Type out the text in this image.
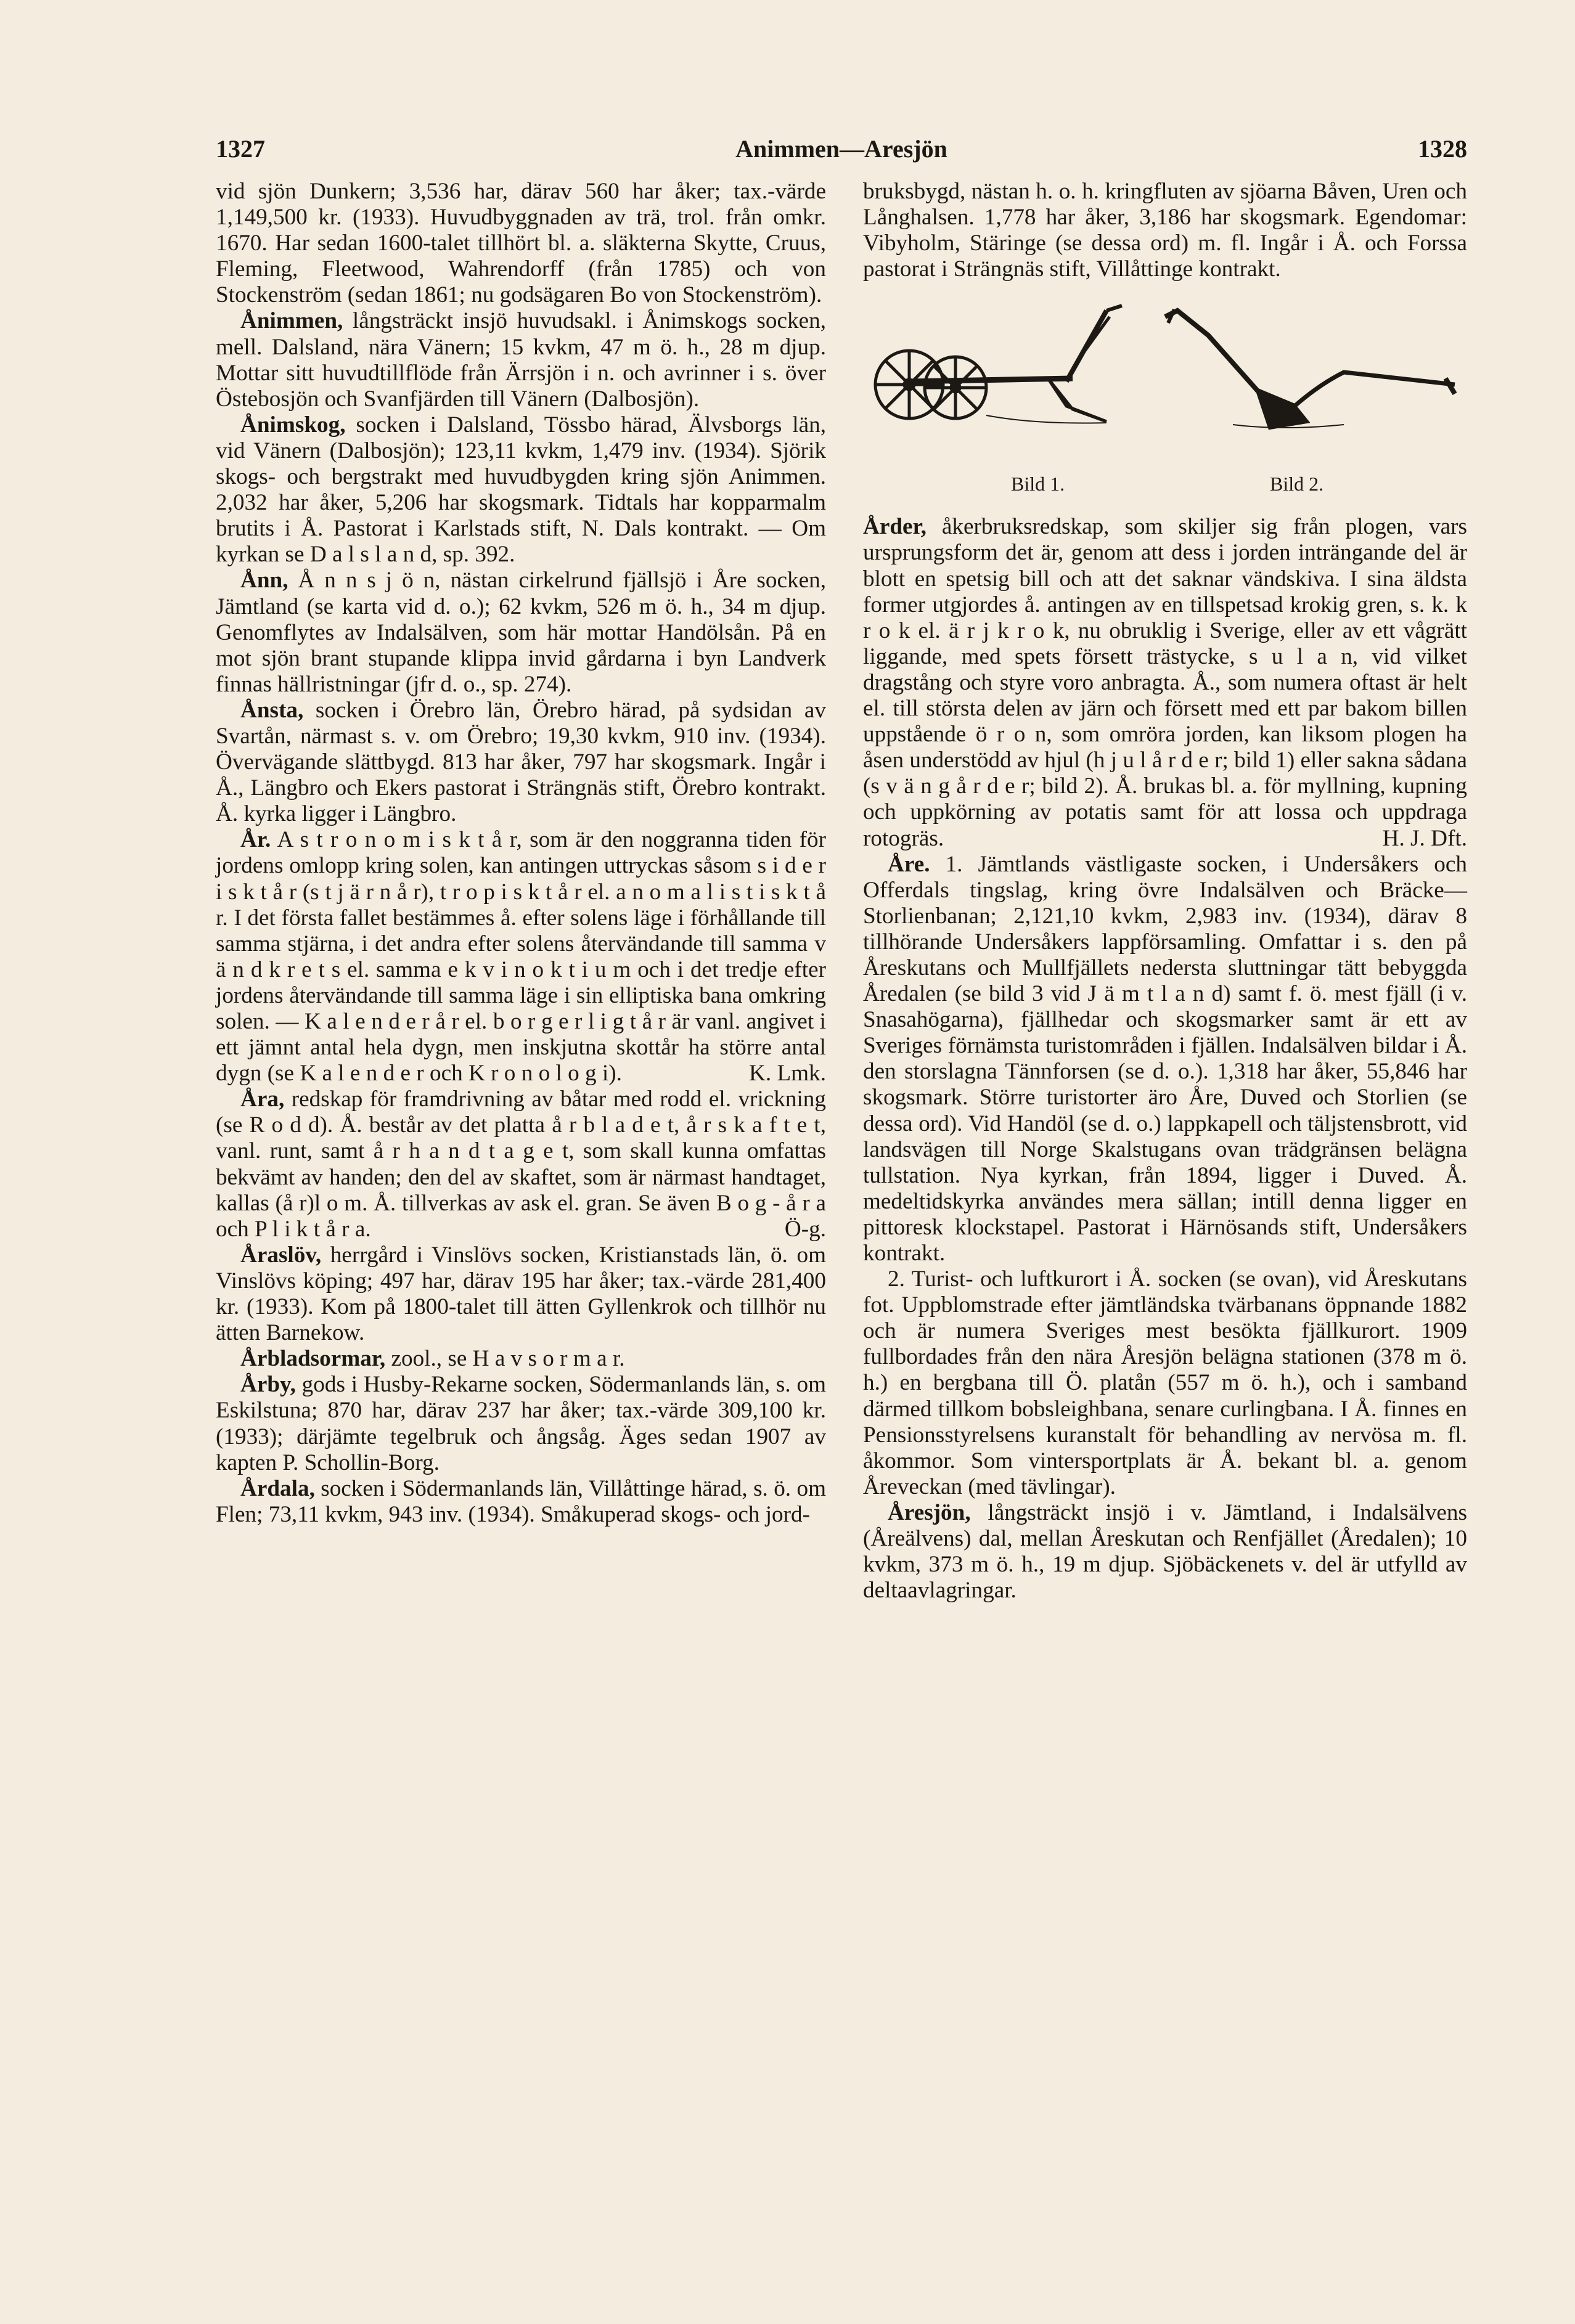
1327	Animmen—Aresjön	1328

vid sjön Dunkern; 3,536 har, därav 560 har åker; tax.-värde 1,149,500 kr. (1933). Huvudbyggnaden av trä, trol. från omkr. 1670. Har sedan 1600-talet tillhört bl. a. släkterna Skytte, Cruus, Fleming, Fleetwood, Wahrendorff (från 1785) och von Stockenström (sedan 1861; nu godsägaren Bo von Stockenström).

Ånimmen, långsträckt insjö huvudsakl. i Ånimskogs socken, mell. Dalsland, nära Vänern; 15 kvkm, 47 m ö. h., 28 m djup. Mottar sitt huvudtillflöde från Ärrsjön i n. och avrinner i s. över Östebosjön och Svanfjärden till Vänern (Dalbosjön).

Ånimskog, socken i Dalsland, Tössbo härad, Älvsborgs län, vid Vänern (Dalbosjön); 123,11 kvkm, 1,479 inv. (1934). Sjörik skogs- och bergstrakt med huvudbygden kring sjön Animmen. 2,032 har åker, 5,206 har skogsmark. Tidtals har kopparmalm brutits i Å. Pastorat i Karlstads stift, N. Dals kontrakt. — Om kyrkan se D a l s l a n d, sp. 392.

Ånn, Å n n s j ö n, nästan cirkelrund fjällsjö i Åre socken, Jämtland (se karta vid d. o.); 62 kvkm, 526 m ö. h., 34 m djup. Genomflytes av Indalsälven, som här mottar Handölsån. På en mot sjön brant stupande klippa invid gårdarna i byn Landverk finnas hällristningar (jfr d. o., sp. 274).

Ånsta, socken i Örebro län, Örebro härad, på sydsidan av Svartån, närmast s. v. om Örebro; 19,30 kvkm, 910 inv. (1934). Övervägande slättbygd. 813 har åker, 797 har skogsmark. Ingår i Å., Längbro och Ekers pastorat i Strängnäs stift, Örebro kontrakt. Å. kyrka ligger i Längbro.

År. A s t r o n o m i s k t å r, som är den noggranna tiden för jordens omlopp kring solen, kan antingen uttryckas såsom s i d e r i s k t å r (s t j ä r n å r), t r o p i s k t å r el. a n o m a l i s t i s k t å r. I det första fallet bestämmes å. efter solens läge i förhållande till samma stjärna, i det andra efter solens återvändande till samma v ä n d k r e t s el. samma e k v i n o k t i u m och i det tredje efter jordens återvändande till samma läge i sin elliptiska bana omkring solen. — K a l e n d e r å r el. b o r g e r l i g t å r är vanl. angivet i ett jämnt antal hela dygn, men inskjutna skottår ha större antal dygn (se K a l e n d e r och K r o n o l o g i).	K. Lmk.

Åra, redskap för framdrivning av båtar med rodd el. vrickning (se R o d d). Å. består av det platta å r b l a d e t, å r s k a f t e t, vanl. runt, samt å r h a n d t a g e t, som skall kunna omfattas bekvämt av handen; den del av skaftet, som är närmast handtaget, kallas (å r)l o m. Å. tillverkas av ask el. gran. Se även B o g - å r a och P l i k t å r a.	Ö-g.

Åraslöv, herrgård i Vinslövs socken, Kristianstads län, ö. om Vinslövs köping; 497 har, därav 195 har åker; tax.-värde 281,400 kr. (1933). Kom på 1800-talet till ätten Gyllenkrok och tillhör nu ätten Barnekow.

Årbladsormar, zool., se H a v s o r m a r.

Årby, gods i Husby-Rekarne socken, Södermanlands län, s. om Eskilstuna; 870 har, därav 237 har åker; tax.-värde 309,100 kr. (1933); därjämte tegelbruk och ångsåg. Äges sedan 1907 av kapten P. Schollin-Borg.

Årdala, socken i Södermanlands län, Villåttinge härad, s. ö. om Flen; 73,11 kvkm, 943 inv. (1934). Småkuperad skogs- och jord-

bruksbygd, nästan h. o. h. kringfluten av sjöarna Båven, Uren och Långhalsen. 1,778 har åker, 3,186 har skogsmark. Egendomar: Vibyholm, Stäringe (se dessa ord) m. fl. Ingår i Å. och Forssa pastorat i Strängnäs stift, Villåttinge kontrakt.

Bild 1.	Bild 2.

Årder, åkerbruksredskap, som skiljer sig från plogen, vars ursprungsform det är, genom att dess i jorden inträngande del är blott en spetsig bill och att det saknar vändskiva. I sina äldsta former utgjordes å. antingen av en tillspetsad krokig gren, s. k. k r o k el. ä r j k r o k, nu obruklig i Sverige, eller av ett vågrätt liggande, med spets försett trästycke, s u l a n, vid vilket dragstång och styre voro anbragta. Å., som numera oftast är helt el. till största delen av järn och försett med ett par bakom billen uppstående ö r o n, som omröra jorden, kan liksom plogen ha åsen understödd av hjul (h j u l å r d e r; bild 1) eller sakna sådana (s v ä n g å r d e r; bild 2). Å. brukas bl. a. för myllning, kupning och uppkörning av potatis samt för att lossa och uppdraga rotogräs.	H. J. Dft.

Åre. 1. Jämtlands västligaste socken, i Undersåkers och Offerdals tingslag, kring övre Indalsälven och Bräcke—Storlienbanan; 2,121,10 kvkm, 2,983 inv. (1934), därav 8 tillhörande Undersåkers lappförsamling. Omfattar i s. den på Åreskutans och Mullfjällets nedersta sluttningar tätt bebyggda Åredalen (se bild 3 vid J ä m t l a n d) samt f. ö. mest fjäll (i v. Snasahögarna), fjällhedar och skogsmarker samt är ett av Sveriges förnämsta turistområden i fjällen. Indalsälven bildar i Å. den storslagna Tännforsen (se d. o.). 1,318 har åker, 55,846 har skogsmark. Större turistorter äro Åre, Duved och Storlien (se dessa ord). Vid Handöl (se d. o.) lappkapell och täljstensbrott, vid landsvägen till Norge Skalstugans ovan trädgränsen belägna tullstation. Nya kyrkan, från 1894, ligger i Duved. Å. medeltidskyrka användes mera sällan; intill denna ligger en pittoresk klockstapel. Pastorat i Härnösands stift, Undersåkers kontrakt.

2. Turist- och luftkurort i Å. socken (se ovan), vid Åreskutans fot. Uppblomstrade efter jämtländska tvärbanans öppnande 1882 och är numera Sveriges mest besökta fjällkurort. 1909 fullbordades från den nära Åresjön belägna stationen (378 m ö. h.) en bergbana till Ö. platån (557 m ö. h.), och i samband därmed tillkom bobsleighbana, senare curlingbana. I Å. finnes en Pensionsstyrelsens kuranstalt för behandling av nervösa m. fl. åkommor. Som vintersportplats är Å. bekant bl. a. genom Åreveckan (med tävlingar).

Åresjön, långsträckt insjö i v. Jämtland, i Indalsälvens (Åreälvens) dal, mellan Åreskutan och Renfjället (Åredalen); 10 kvkm, 373 m ö. h., 19 m djup. Sjöbäckenets v. del är utfylld av deltaavlagringar.
